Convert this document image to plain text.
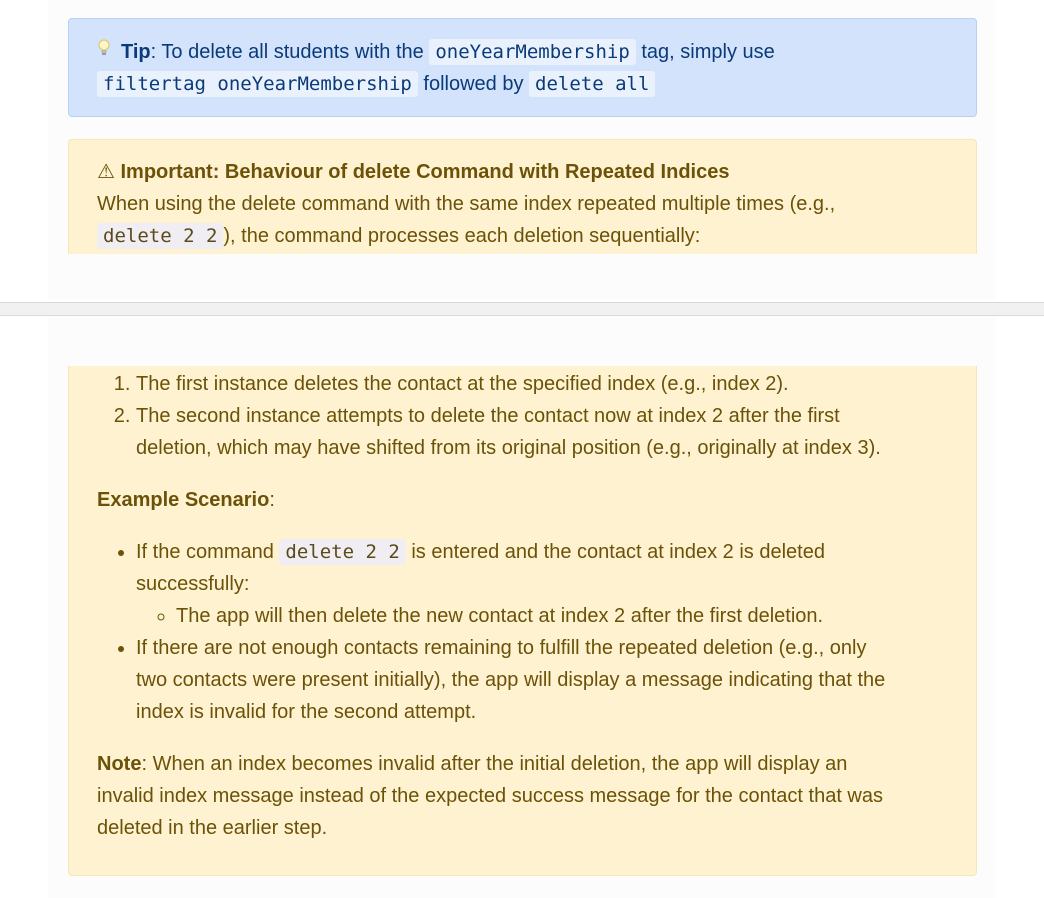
Tip: To delete all students with the oneYearMembership tag, simply use
filtertag oneYearMembership followed by delete all
⚠ Important: Behaviour of delete Command with Repeated Indices
When using the delete command with the same index repeated multiple times (e.g.,
delete 2 2 ), the command processes each deletion sequentially:
1. The first instance deletes the contact at the specified index (e.g., index 2).
2. The second instance attempts to delete the contact now at index 2 after the first
deletion, which may have shifted from its original position (e.g., originally at index 3).

Example Scenario:

• If the command delete 2 2 is entered and the contact at index 2 is deleted
successfully:
◦ The app will then delete the new contact at index 2 after the first deletion.
• If there are not enough contacts remaining to fulfill the repeated deletion (e.g., only
two contacts were present initially), the app will display a message indicating that the
index is invalid for the second attempt.

Note: When an index becomes invalid after the initial deletion, the app will display an

invalid index message instead of the expected success message for the contact that was

deleted in the earlier step.
